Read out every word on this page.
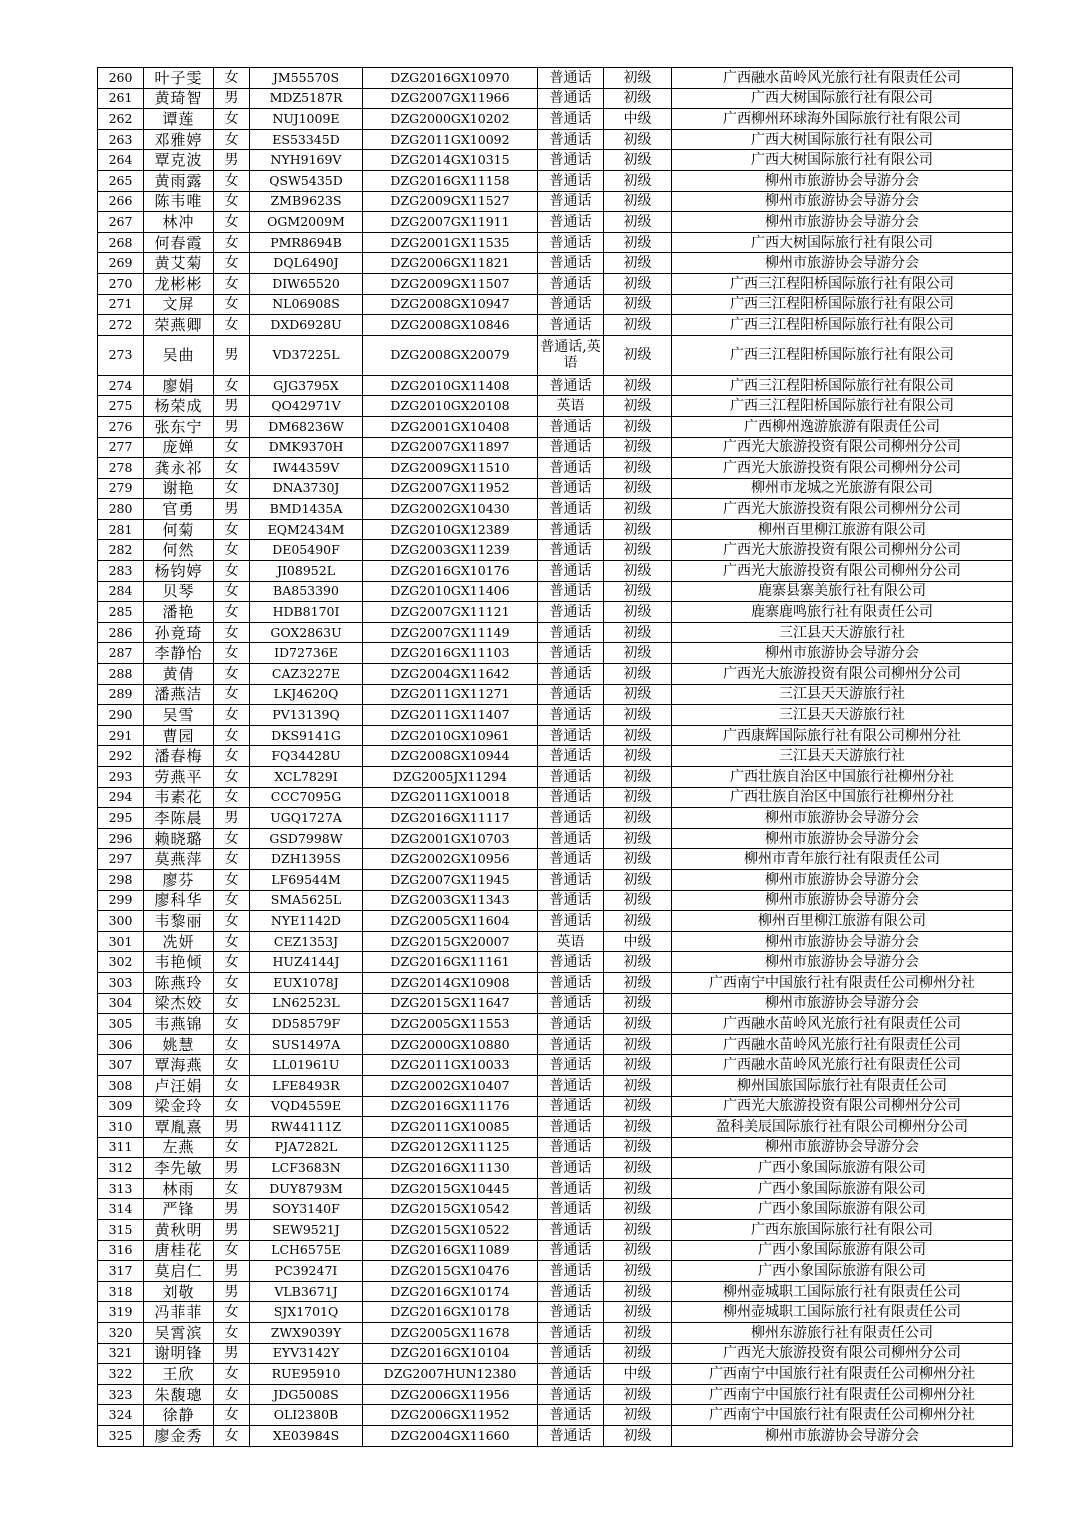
260	叶子雯	女	JM55570S	DZG2016GX10970	普通话	初级	广西融水苗岭风光旅行社有限责任公司
261	黄琦智	男	MDZ5187R	DZG2007GX11966	普通话	初级	广西大树国际旅行社有限公司
262	谭莲	女	NUJ1009E	DZG2000GX10202	普通话	中级	广西柳州环球海外国际旅行社有限公司
263	邓雅婷	女	ES53345D	DZG2011GX10092	普通话	初级	广西大树国际旅行社有限公司
264	覃克波	男	NYH9169V	DZG2014GX10315	普通话	初级	广西大树国际旅行社有限公司
265	黄雨露	女	QSW5435D	DZG2016GX11158	普通话	初级	柳州市旅游协会导游分会
266	陈韦唯	女	ZMB9623S	DZG2009GX11527	普通话	初级	柳州市旅游协会导游分会
267	林冲	女	OGM2009M	DZG2007GX11911	普通话	初级	柳州市旅游协会导游分会
268	何春霞	女	PMR8694B	DZG2001GX11535	普通话	初级	广西大树国际旅行社有限公司
269	黄艾菊	女	DQL6490J	DZG2006GX11821	普通话	初级	柳州市旅游协会导游分会
270	龙彬彬	女	DIW65520	DZG2009GX11507	普通话	初级	广西三江程阳桥国际旅行社有限公司
271	文屏	女	NL06908S	DZG2008GX10947	普通话	初级	广西三江程阳桥国际旅行社有限公司
272	荣燕卿	女	DXD6928U	DZG2008GX10846	普通话	初级	广西三江程阳桥国际旅行社有限公司
273	吴曲	男	VD37225L	DZG2008GX20079	普通话,英语	初级	广西三江程阳桥国际旅行社有限公司
274	廖娟	女	GJG3795X	DZG2010GX11408	普通话	初级	广西三江程阳桥国际旅行社有限公司
275	杨荣成	男	QO42971V	DZG2010GX20108	英语	初级	广西三江程阳桥国际旅行社有限公司
276	张东宁	男	DM68236W	DZG2001GX10408	普通话	初级	广西柳州逸游旅游有限责任公司
277	庞婵	女	DMK9370H	DZG2007GX11897	普通话	初级	广西光大旅游投资有限公司柳州分公司
278	龚永祁	女	IW44359V	DZG2009GX11510	普通话	初级	广西光大旅游投资有限公司柳州分公司
279	谢艳	女	DNA3730J	DZG2007GX11952	普通话	初级	柳州市龙城之光旅游有限公司
280	官勇	男	BMD1435A	DZG2002GX10430	普通话	初级	广西光大旅游投资有限公司柳州分公司
281	何菊	女	EQM2434M	DZG2010GX12389	普通话	初级	柳州百里柳江旅游有限公司
282	何然	女	DE05490F	DZG2003GX11239	普通话	初级	广西光大旅游投资有限公司柳州分公司
283	杨钧婷	女	JI08952L	DZG2016GX10176	普通话	初级	广西光大旅游投资有限公司柳州分公司
284	贝琴	女	BA853390	DZG2010GX11406	普通话	初级	鹿寨县寨美旅行社有限公司
285	潘艳	女	HDB8170I	DZG2007GX11121	普通话	初级	鹿寨鹿鸣旅行社有限责任公司
286	孙竟琦	女	GOX2863U	DZG2007GX11149	普通话	初级	三江县天天游旅行社
287	李静怡	女	ID72736E	DZG2016GX11103	普通话	初级	柳州市旅游协会导游分会
288	黄倩	女	CAZ3227E	DZG2004GX11642	普通话	初级	广西光大旅游投资有限公司柳州分公司
289	潘燕洁	女	LKJ4620Q	DZG2011GX11271	普通话	初级	三江县天天游旅行社
290	吴雪	女	PV13139Q	DZG2011GX11407	普通话	初级	三江县天天游旅行社
291	曹园	女	DKS9141G	DZG2010GX10961	普通话	初级	广西康辉国际旅行社有限公司柳州分社
292	潘春梅	女	FQ34428U	DZG2008GX10944	普通话	初级	三江县天天游旅行社
293	劳燕平	女	XCL7829I	DZG2005JX11294	普通话	初级	广西壮族自治区中国旅行社柳州分社
294	韦素花	女	CCC7095G	DZG2011GX10018	普通话	初级	广西壮族自治区中国旅行社柳州分社
295	李陈晨	男	UGQ1727A	DZG2016GX11117	普通话	初级	柳州市旅游协会导游分会
296	赖晓璐	女	GSD7998W	DZG2001GX10703	普通话	初级	柳州市旅游协会导游分会
297	莫燕萍	女	DZH1395S	DZG2002GX10956	普通话	初级	柳州市青年旅行社有限责任公司
298	廖芬	女	LF69544M	DZG2007GX11945	普通话	初级	柳州市旅游协会导游分会
299	廖科华	女	SMA5625L	DZG2003GX11343	普通话	初级	柳州市旅游协会导游分会
300	韦黎丽	女	NYE1142D	DZG2005GX11604	普通话	初级	柳州百里柳江旅游有限公司
301	冼妍	女	CEZ1353J	DZG2015GX20007	英语	中级	柳州市旅游协会导游分会
302	韦艳倾	女	HUZ4144J	DZG2016GX11161	普通话	初级	柳州市旅游协会导游分会
303	陈燕玲	女	EUX1078J	DZG2014GX10908	普通话	初级	广西南宁中国旅行社有限责任公司柳州分社
304	梁杰姣	女	LN62523L	DZG2015GX11647	普通话	初级	柳州市旅游协会导游分会
305	韦燕锦	女	DD58579F	DZG2005GX11553	普通话	初级	广西融水苗岭风光旅行社有限责任公司
306	姚慧	女	SUS1497A	DZG2000GX10880	普通话	初级	广西融水苗岭风光旅行社有限责任公司
307	覃海燕	女	LL01961U	DZG2011GX10033	普通话	初级	广西融水苗岭风光旅行社有限责任公司
308	卢汪娟	女	LFE8493R	DZG2002GX10407	普通话	初级	柳州国旅国际旅行社有限责任公司
309	梁金玲	女	VQD4559E	DZG2016GX11176	普通话	初级	广西光大旅游投资有限公司柳州分公司
310	覃胤熹	男	RW44111Z	DZG2011GX10085	普通话	初级	盈科美辰国际旅行社有限公司柳州分公司
311	左燕	女	PJA7282L	DZG2012GX11125	普通话	初级	柳州市旅游协会导游分会
312	李先敏	男	LCF3683N	DZG2016GX11130	普通话	初级	广西小象国际旅游有限公司
313	林雨	女	DUY8793M	DZG2015GX10445	普通话	初级	广西小象国际旅游有限公司
314	严锋	男	SOY3140F	DZG2015GX10542	普通话	初级	广西小象国际旅游有限公司
315	黄秋明	男	SEW9521J	DZG2015GX10522	普通话	初级	广西东旅国际旅行社有限公司
316	唐桂花	女	LCH6575E	DZG2016GX11089	普通话	初级	广西小象国际旅游有限公司
317	莫启仁	男	PC39247I	DZG2015GX10476	普通话	初级	广西小象国际旅游有限公司
318	刘敬	男	VLB3671J	DZG2016GX10174	普通话	初级	柳州壶城职工国际旅行社有限责任公司
319	冯菲菲	女	SJX1701Q	DZG2016GX10178	普通话	初级	柳州壶城职工国际旅行社有限责任公司
320	吴霄滨	女	ZWX9039Y	DZG2005GX11678	普通话	初级	柳州东游旅行社有限责任公司
321	谢明锋	男	EYV3142Y	DZG2016GX10104	普通话	初级	广西光大旅游投资有限公司柳州分公司
322	王欣	女	RUE95910	DZG2007HUN12380	普通话	中级	广西南宁中国旅行社有限责任公司柳州分社
323	朱馥璁	女	JDG5008S	DZG2006GX11956	普通话	初级	广西南宁中国旅行社有限责任公司柳州分社
324	徐静	女	OLI2380B	DZG2006GX11952	普通话	初级	广西南宁中国旅行社有限责任公司柳州分社
325	廖金秀	女	XE03984S	DZG2004GX11660	普通话	初级	柳州市旅游协会导游分会
